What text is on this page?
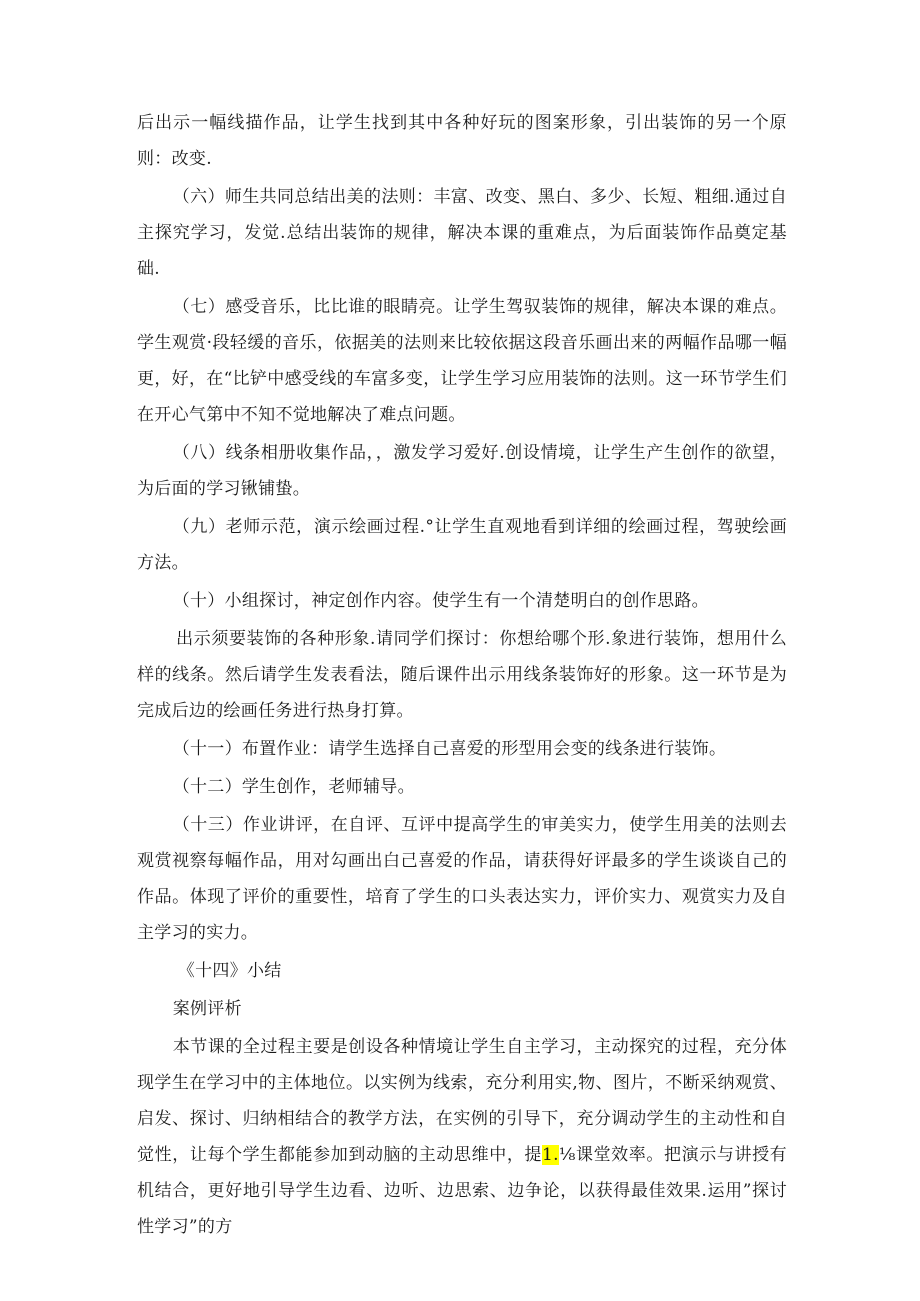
后出示一幅线描作品，让学生找到其中各种好玩的图案形象，引出装饰的另一个原则：改变.

（六）师生共同总结出美的法则：丰富、改变、黑白、多少、长短、粗细.通过自主探究学习，发觉.总结出装饰的规律，解决本课的重难点，为后面装饰作品奠定基础.

（七）感受音乐，比比谁的眼睛亮。让学生驾驭装饰的规律，解决本课的难点。学生观赏·段轻缓的音乐，依据美的法则来比较依据这段音乐画出来的两幅作品哪一幅更，好，在“比铲中感受线的车富多变，让学生学习应用装饰的法则。这一环节学生们在开心气第中不知不觉地解决了难点问题。

（八）线条相册收集作品，，激发学习爱好.创设情境，让学生产生创作的欲望，为后面的学习锹铺蛰。

（九）老师示范，演示绘画过程.°让学生直观地看到详细的绘画过程，驾驶绘画方法。

（十）小组探讨，神定创作内容。使学生有一个清楚明白的创作思路。

出示须要装饰的各种形象.请同学们探讨：你想给哪个形.象进行装饰，想用什么样的线条。然后请学生发表看法，随后课件出示用线条装饰好的形象。这一环节是为完成后边的绘画任务进行热身打算。

（十一）布置作业：请学生选择自己喜爱的形型用会变的线条进行装饰。

（十二）学生创作，老师辅导。

（十三）作业讲评，在自评、互评中提高学生的审美实力，使学生用美的法则去观赏视察每幅作品，用对勾画出白己喜爱的作品，请获得好评最多的学生谈谈自己的作品。体现了评价的重要性，培育了学生的口头表达实力，评价实力、观赏实力及自主学习的实力。

《十四》小结

案例评析

本节课的全过程主要是创设各种情境让学生自主学习，主动探究的过程，充分体现学生在学习中的主体地位。以实例为线索，充分利用实,物、图片，不断采纳观赏、启发、探讨、归纳相结合的教学方法，在实例的引导下，充分调动学生的主动性和自觉性，让每个学生都能参加到动脑的主动思维中，提1.⅛课堂效率。把演示与讲授有机结合，更好地引导学生边看、边听、边思索、边争论，以获得最佳效果.运用”探讨性学习”的方
